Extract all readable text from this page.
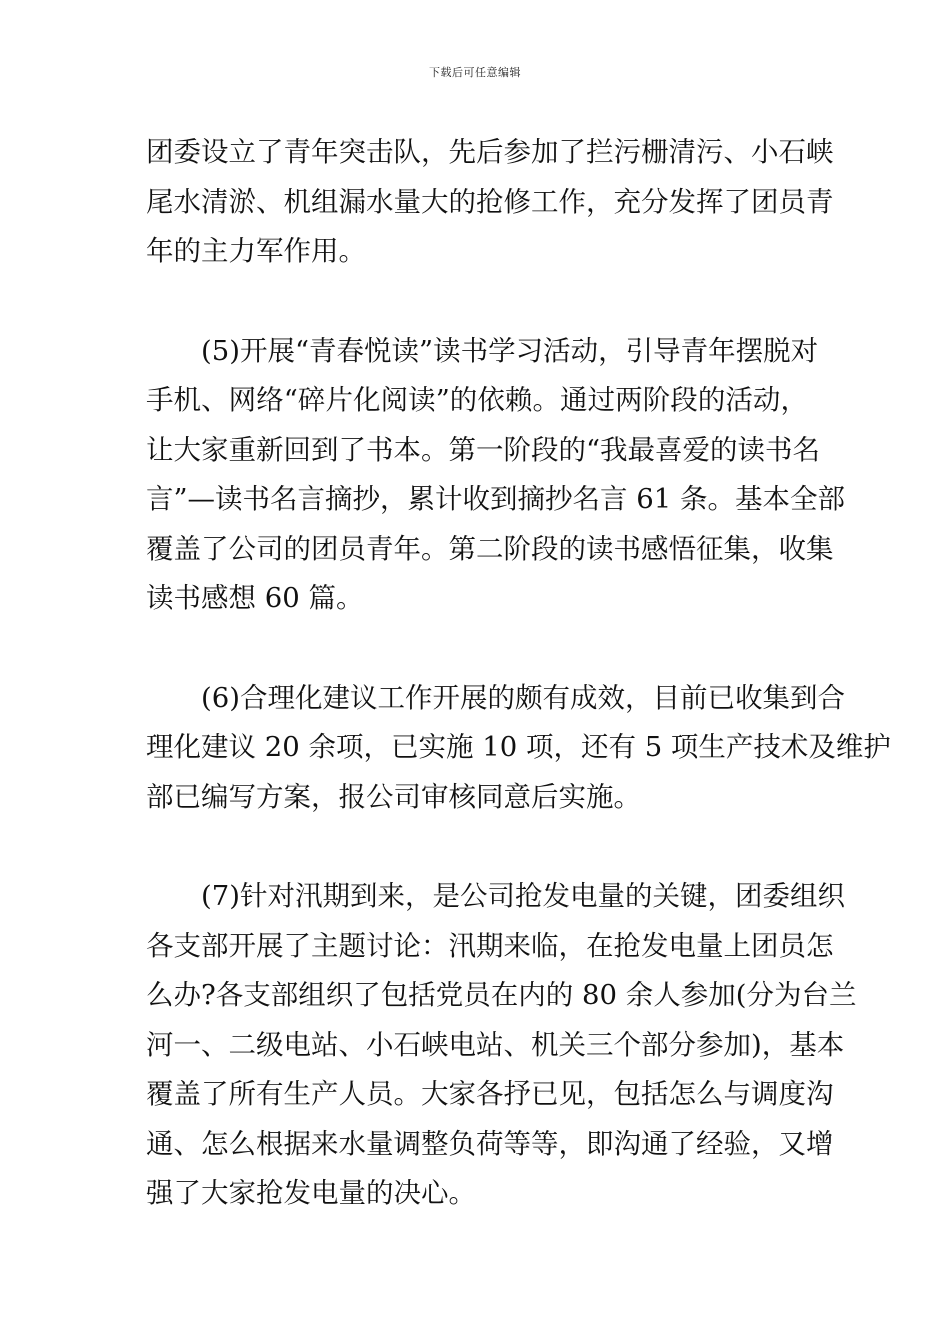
下载后可任意编辑
团委设立了青年突击队，先后参加了拦污栅清污、小石峡
尾水清淤、机组漏水量大的抢修工作，充分发挥了团员青
年的主力军作用。
(5)开展“青春悦读”读书学习活动，引导青年摆脱对
手机、网络“碎片化阅读”的依赖。通过两阶段的活动，
让大家重新回到了书本。第一阶段的“我最喜爱的读书名
言”—读书名言摘抄，累计收到摘抄名言 61 条。基本全部
覆盖了公司的团员青年。第二阶段的读书感悟征集，收集
读书感想 60 篇。
(6)合理化建议工作开展的颇有成效，目前已收集到合
理化建议 20 余项，已实施 10 项，还有 5 项生产技术及维护
部已编写方案，报公司审核同意后实施。
(7)针对汛期到来，是公司抢发电量的关键，团委组织
各支部开展了主题讨论：汛期来临，在抢发电量上团员怎
么办?各支部组织了包括党员在内的 80 余人参加(分为台兰
河一、二级电站、小石峡电站、机关三个部分参加)，基本
覆盖了所有生产人员。大家各抒已见，包括怎么与调度沟
通、怎么根据来水量调整负荷等等，即沟通了经验，又增
强了大家抢发电量的决心。
